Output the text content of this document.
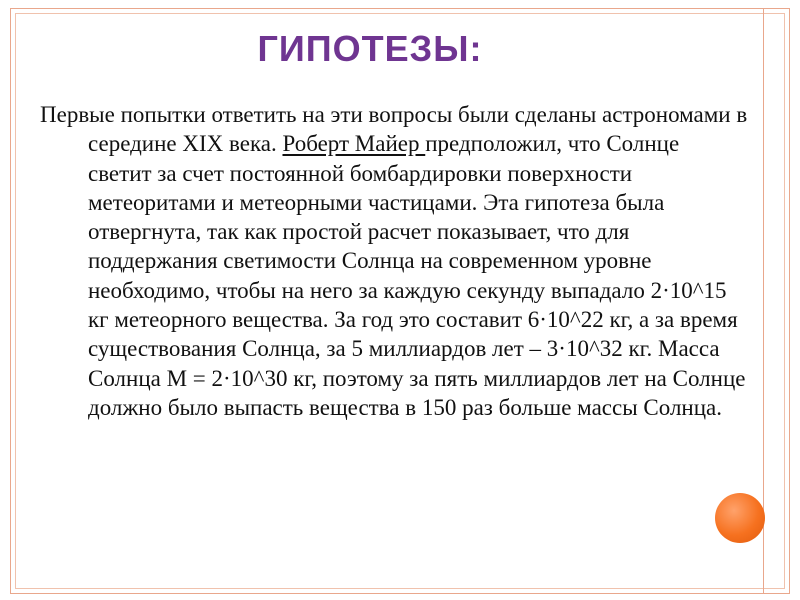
ГИПОТЕЗЫ:

Первые попытки ответить на эти вопросы были сделаны астрономами в середине XIX века. Роберт Майер предположил, что Солнце светит за счет постоянной бомбардировки поверхности метеоритами и метеорными частицами. Эта гипотеза была отвергнута, так как простой расчет показывает, что для поддержания светимости Солнца на современном уровне необходимо, чтобы на него за каждую секунду выпадало 2·10^15 кг метеорного вещества. За год это составит 6·10^22 кг, а за время существования Солнца, за 5 миллиардов лет – 3·10^32 кг. Масса Солнца М = 2·10^30 кг, поэтому за пять миллиардов лет на Солнце должно было выпасть вещества в 150 раз больше массы Солнца.
